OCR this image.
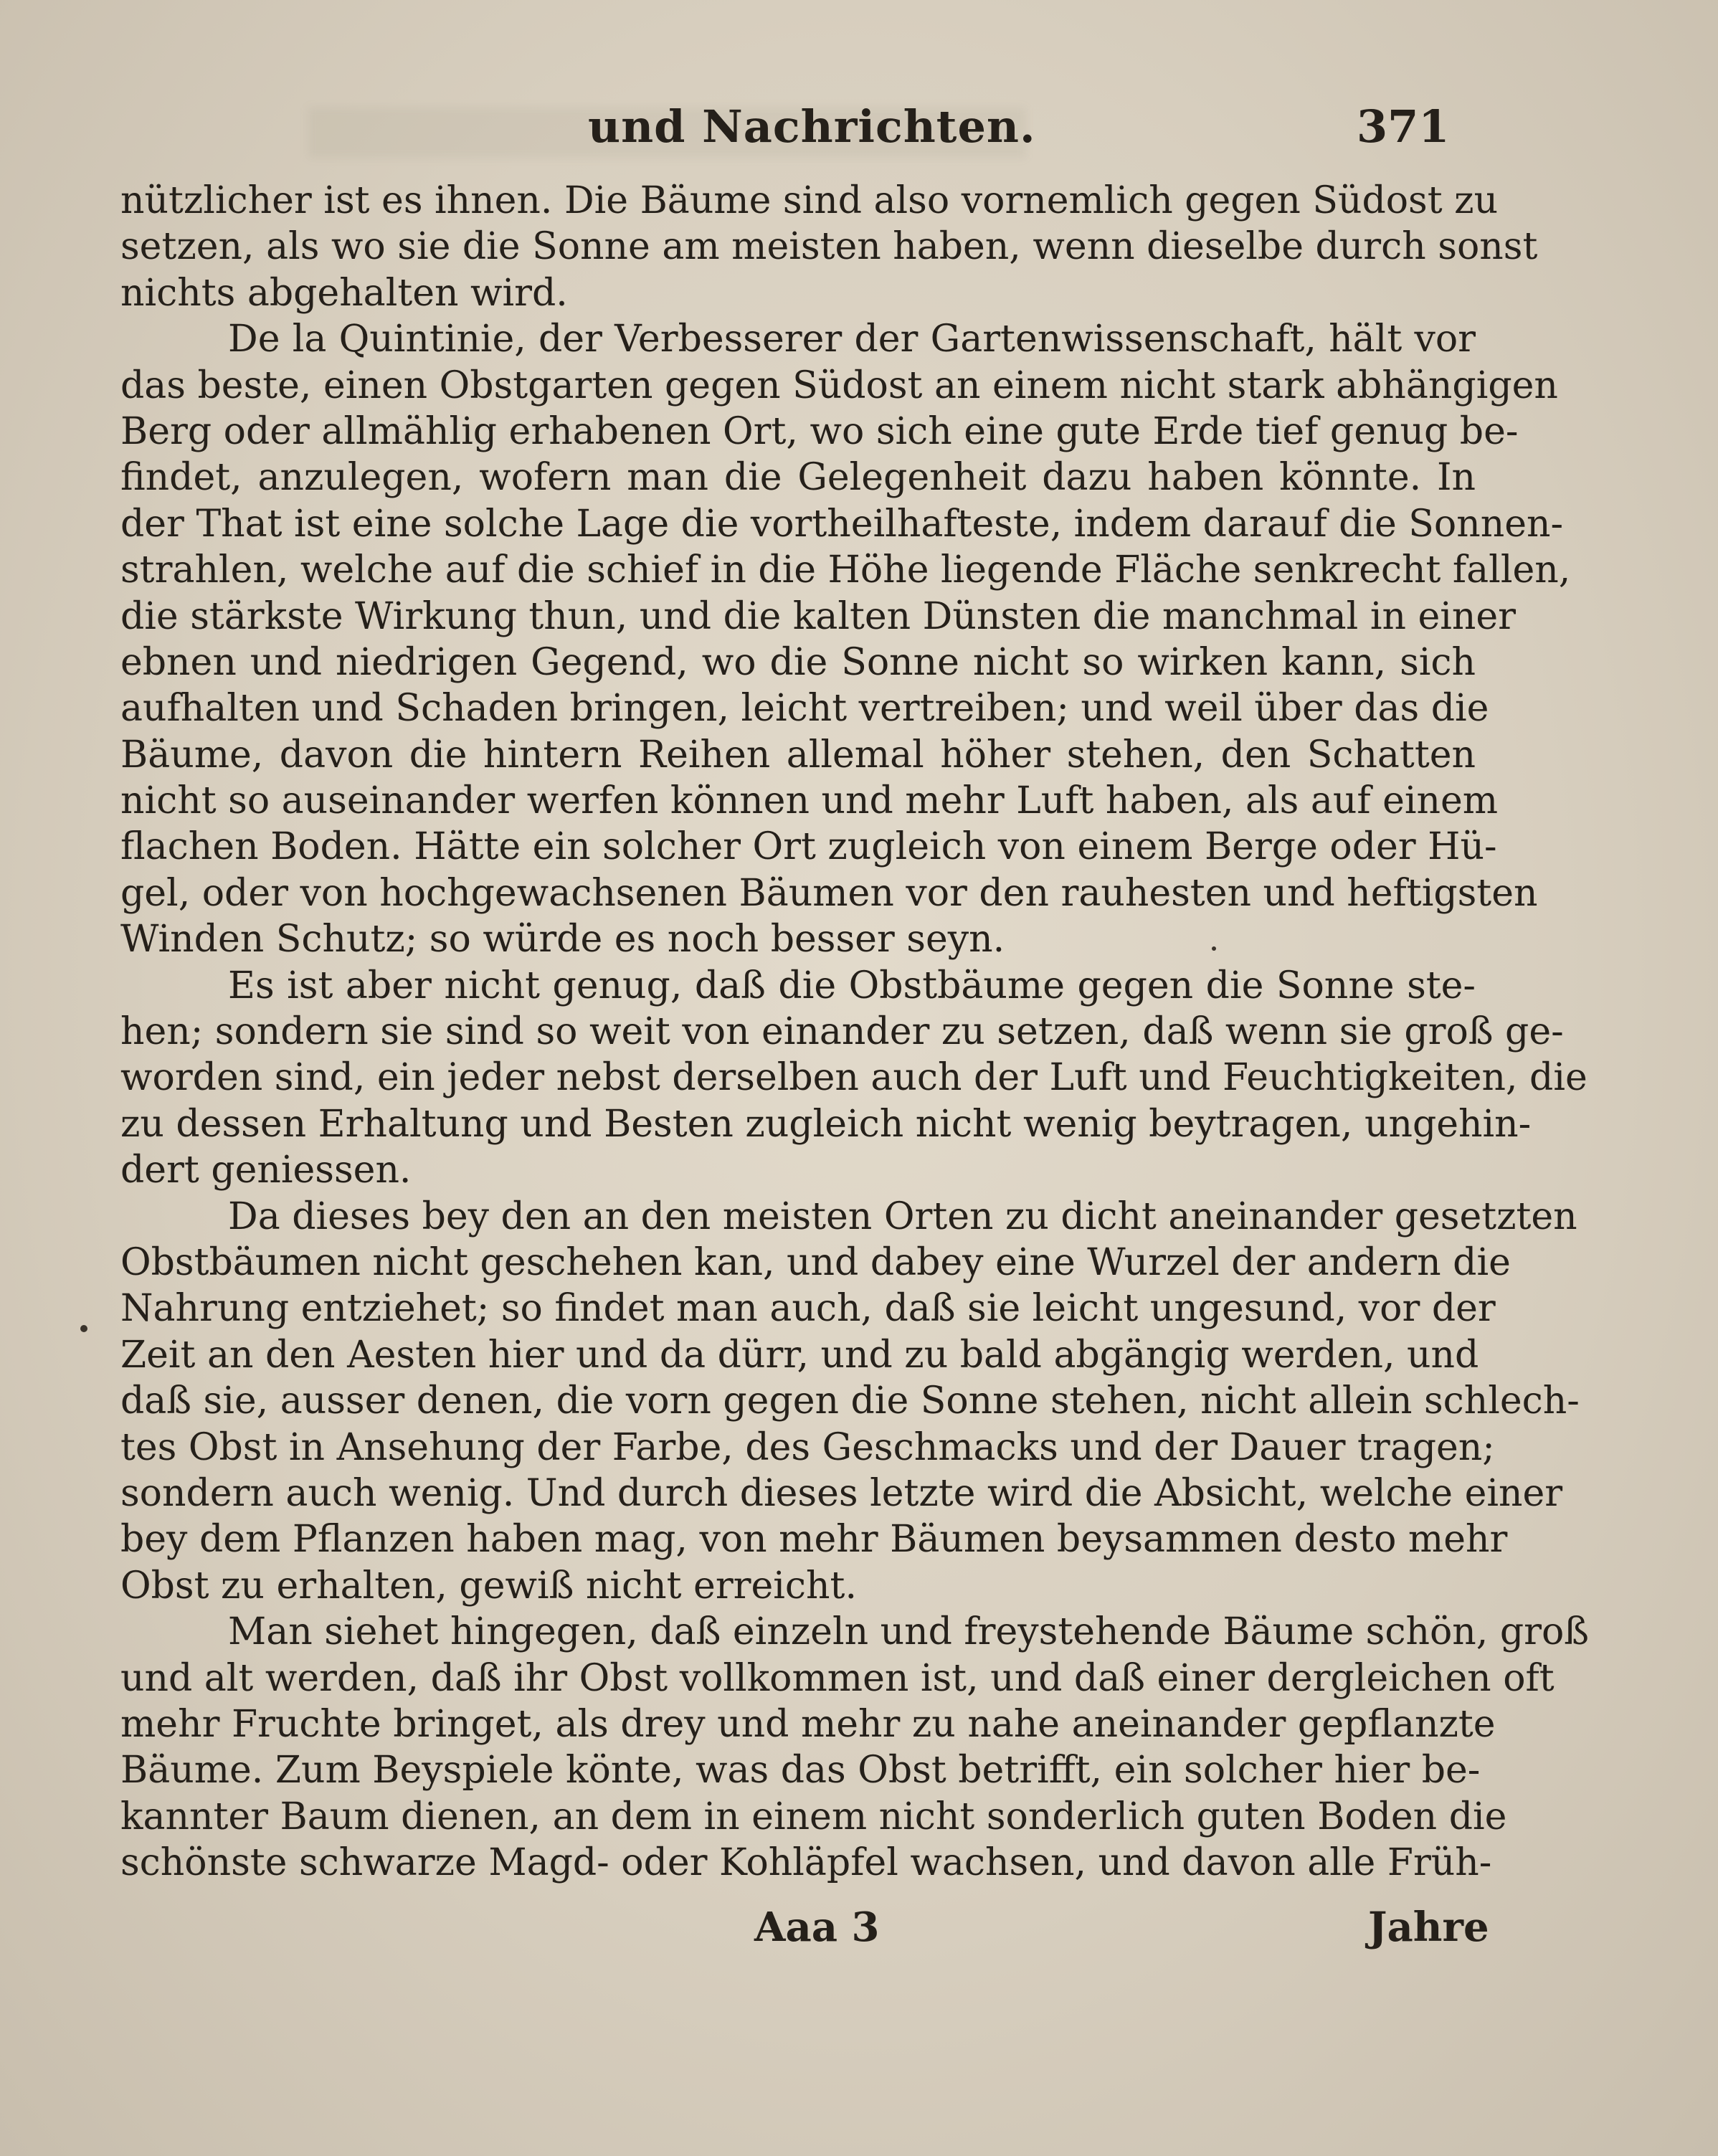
und Nachrichten.	371
nützlicher ist es ihnen. Die Bäume sind also vornemlich gegen Südost zu
setzen, als wo sie die Sonne am meisten haben, wenn dieselbe durch sonst
nichts abgehalten wird.
De la Quintinie, der Verbesserer der Gartenwissenschaft, hält vor
das beste, einen Obstgarten gegen Südost an einem nicht stark abhängigen
Berg oder allmählig erhabenen Ort, wo sich eine gute Erde tief genug be-
findet, anzulegen, wofern man die Gelegenheit dazu haben könnte. In
der That ist eine solche Lage die vortheilhafteste, indem darauf die Sonnen-
strahlen, welche auf die schief in die Höhe liegende Fläche senkrecht fallen,
die stärkste Wirkung thun, und die kalten Dünsten die manchmal in einer
ebnen und niedrigen Gegend, wo die Sonne nicht so wirken kann, sich
aufhalten und Schaden bringen, leicht vertreiben; und weil über das die
Bäume, davon die hintern Reihen allemal höher stehen, den Schatten
nicht so auseinander werfen können und mehr Luft haben, als auf einem
flachen Boden. Hätte ein solcher Ort zugleich von einem Berge oder Hü-
gel, oder von hochgewachsenen Bäumen vor den rauhesten und heftigsten
Winden Schutz; so würde es noch besser seyn.
Es ist aber nicht genug, daß die Obstbäume gegen die Sonne ste-
hen; sondern sie sind so weit von einander zu setzen, daß wenn sie groß ge-
worden sind, ein jeder nebst derselben auch der Luft und Feuchtigkeiten, die
zu dessen Erhaltung und Besten zugleich nicht wenig beytragen, ungehin-
dert geniessen.
Da dieses bey den an den meisten Orten zu dicht aneinander gesetzten
Obstbäumen nicht geschehen kan, und dabey eine Wurzel der andern die
Nahrung entziehet; so findet man auch, daß sie leicht ungesund, vor der
Zeit an den Aesten hier und da dürr, und zu bald abgängig werden, und
daß sie, ausser denen, die vorn gegen die Sonne stehen, nicht allein schlech-
tes Obst in Ansehung der Farbe, des Geschmacks und der Dauer tragen;
sondern auch wenig. Und durch dieses letzte wird die Absicht, welche einer
bey dem Pflanzen haben mag, von mehr Bäumen beysammen desto mehr
Obst zu erhalten, gewiß nicht erreicht.
Man siehet hingegen, daß einzeln und freystehende Bäume schön, groß
und alt werden, daß ihr Obst vollkommen ist, und daß einer dergleichen oft
mehr Fruchte bringet, als drey und mehr zu nahe aneinander gepflanzte
Bäume. Zum Beyspiele könte, was das Obst betrifft, ein solcher hier be-
kannter Baum dienen, an dem in einem nicht sonderlich guten Boden die
schönste schwarze Magd- oder Kohläpfel wachsen, und davon alle Früh-
Aaa 3	Jahre
